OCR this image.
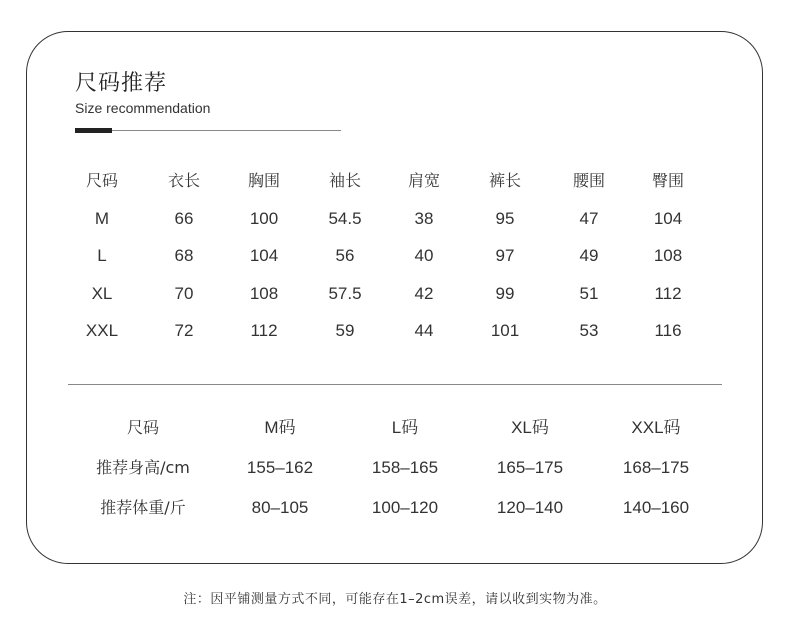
尺码推荐
Size recommendation
尺码	衣长	胸围	袖长	肩宽	裤长	腰围	臀围
M	66	100	54.5	38	95	47	104
L	68	104	56	40	97	49	108
XL	70	108	57.5	42	99	51	112
XXL	72	112	59	44	101	53	116
尺码	M码	L码	XL码	XXL码
推荐身高/cm	155–162	158–165	165–175	168–175
推荐体重/斤	80–105	100–120	120–140	140–160
注：因平铺测量方式不同，可能存在1–2cm误差，请以收到实物为准。
